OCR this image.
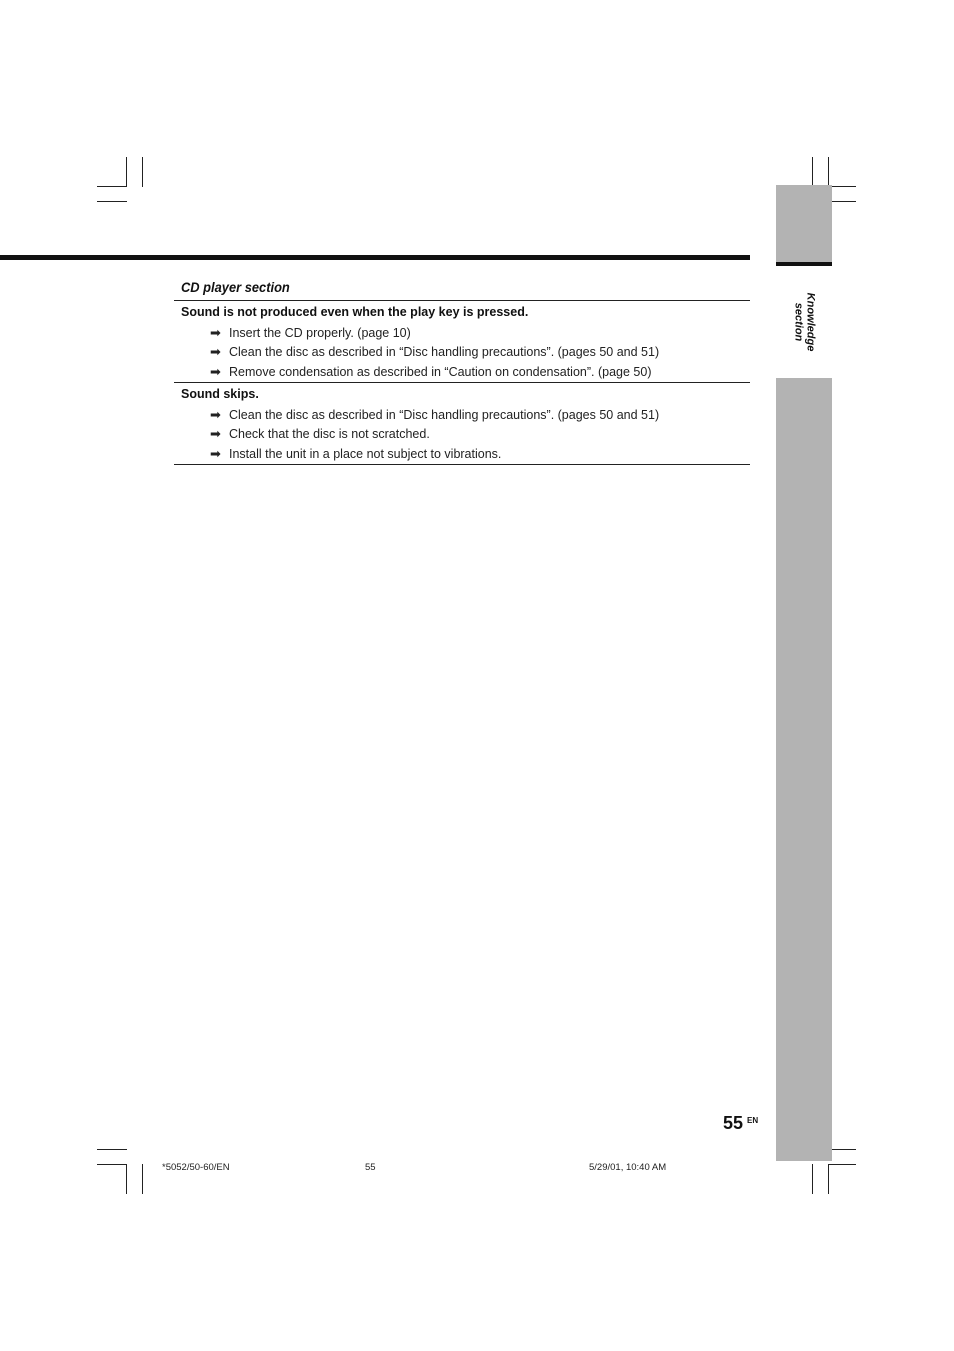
Knowledge
section
CD player section
Sound is not produced even when the play key is pressed.
➡ Insert the CD properly. (page 10)
➡ Clean the disc as described in “Disc handling precautions”. (pages 50 and 51)
➡ Remove condensation as described in “Caution on condensation”. (page 50)
Sound skips.
➡ Clean the disc as described in “Disc handling precautions”. (pages 50 and 51)
➡ Check that the disc is not scratched.
➡ Install the unit in a place not subject to vibrations.
55 EN
*5052/50-60/EN	55	5/29/01, 10:40 AM
